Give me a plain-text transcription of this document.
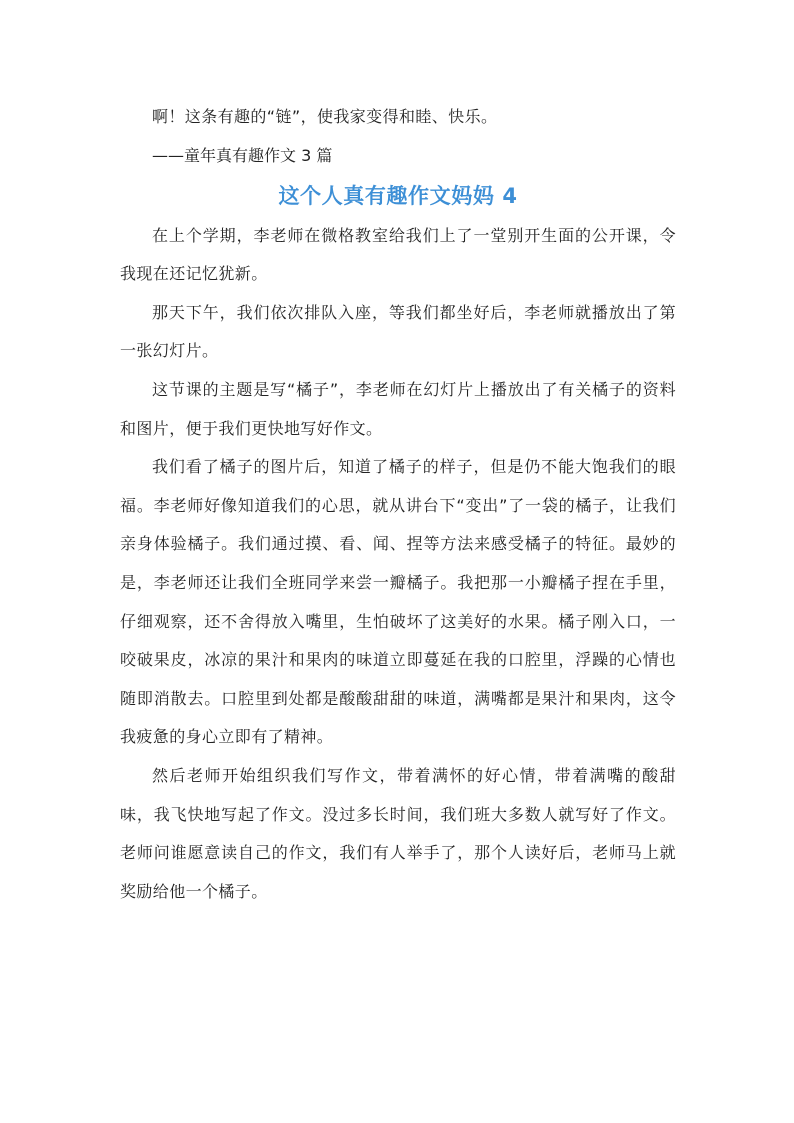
啊！这条有趣的“链”，使我家变得和睦、快乐。

——童年真有趣作文 3 篇

这个人真有趣作文妈妈 4

在上个学期，李老师在微格教室给我们上了一堂别开生面的公开课，令我现在还记忆犹新。

那天下午，我们依次排队入座，等我们都坐好后，李老师就播放出了第一张幻灯片。

这节课的主题是写“橘子”，李老师在幻灯片上播放出了有关橘子的资料和图片，便于我们更快地写好作文。

我们看了橘子的图片后，知道了橘子的样子，但是仍不能大饱我们的眼福。李老师好像知道我们的心思，就从讲台下“变出”了一袋的橘子，让我们亲身体验橘子。我们通过摸、看、闻、捏等方法来感受橘子的特征。最妙的是，李老师还让我们全班同学来尝一瓣橘子。我把那一小瓣橘子捏在手里，仔细观察，还不舍得放入嘴里，生怕破坏了这美好的水果。橘子刚入口，一咬破果皮，冰凉的果汁和果肉的味道立即蔓延在我的口腔里，浮躁的心情也随即消散去。口腔里到处都是酸酸甜甜的味道，满嘴都是果汁和果肉，这令我疲惫的身心立即有了精神。

然后老师开始组织我们写作文，带着满怀的好心情，带着满嘴的酸甜味，我飞快地写起了作文。没过多长时间，我们班大多数人就写好了作文。老师问谁愿意读自己的作文，我们有人举手了，那个人读好后，老师马上就奖励给他一个橘子。
